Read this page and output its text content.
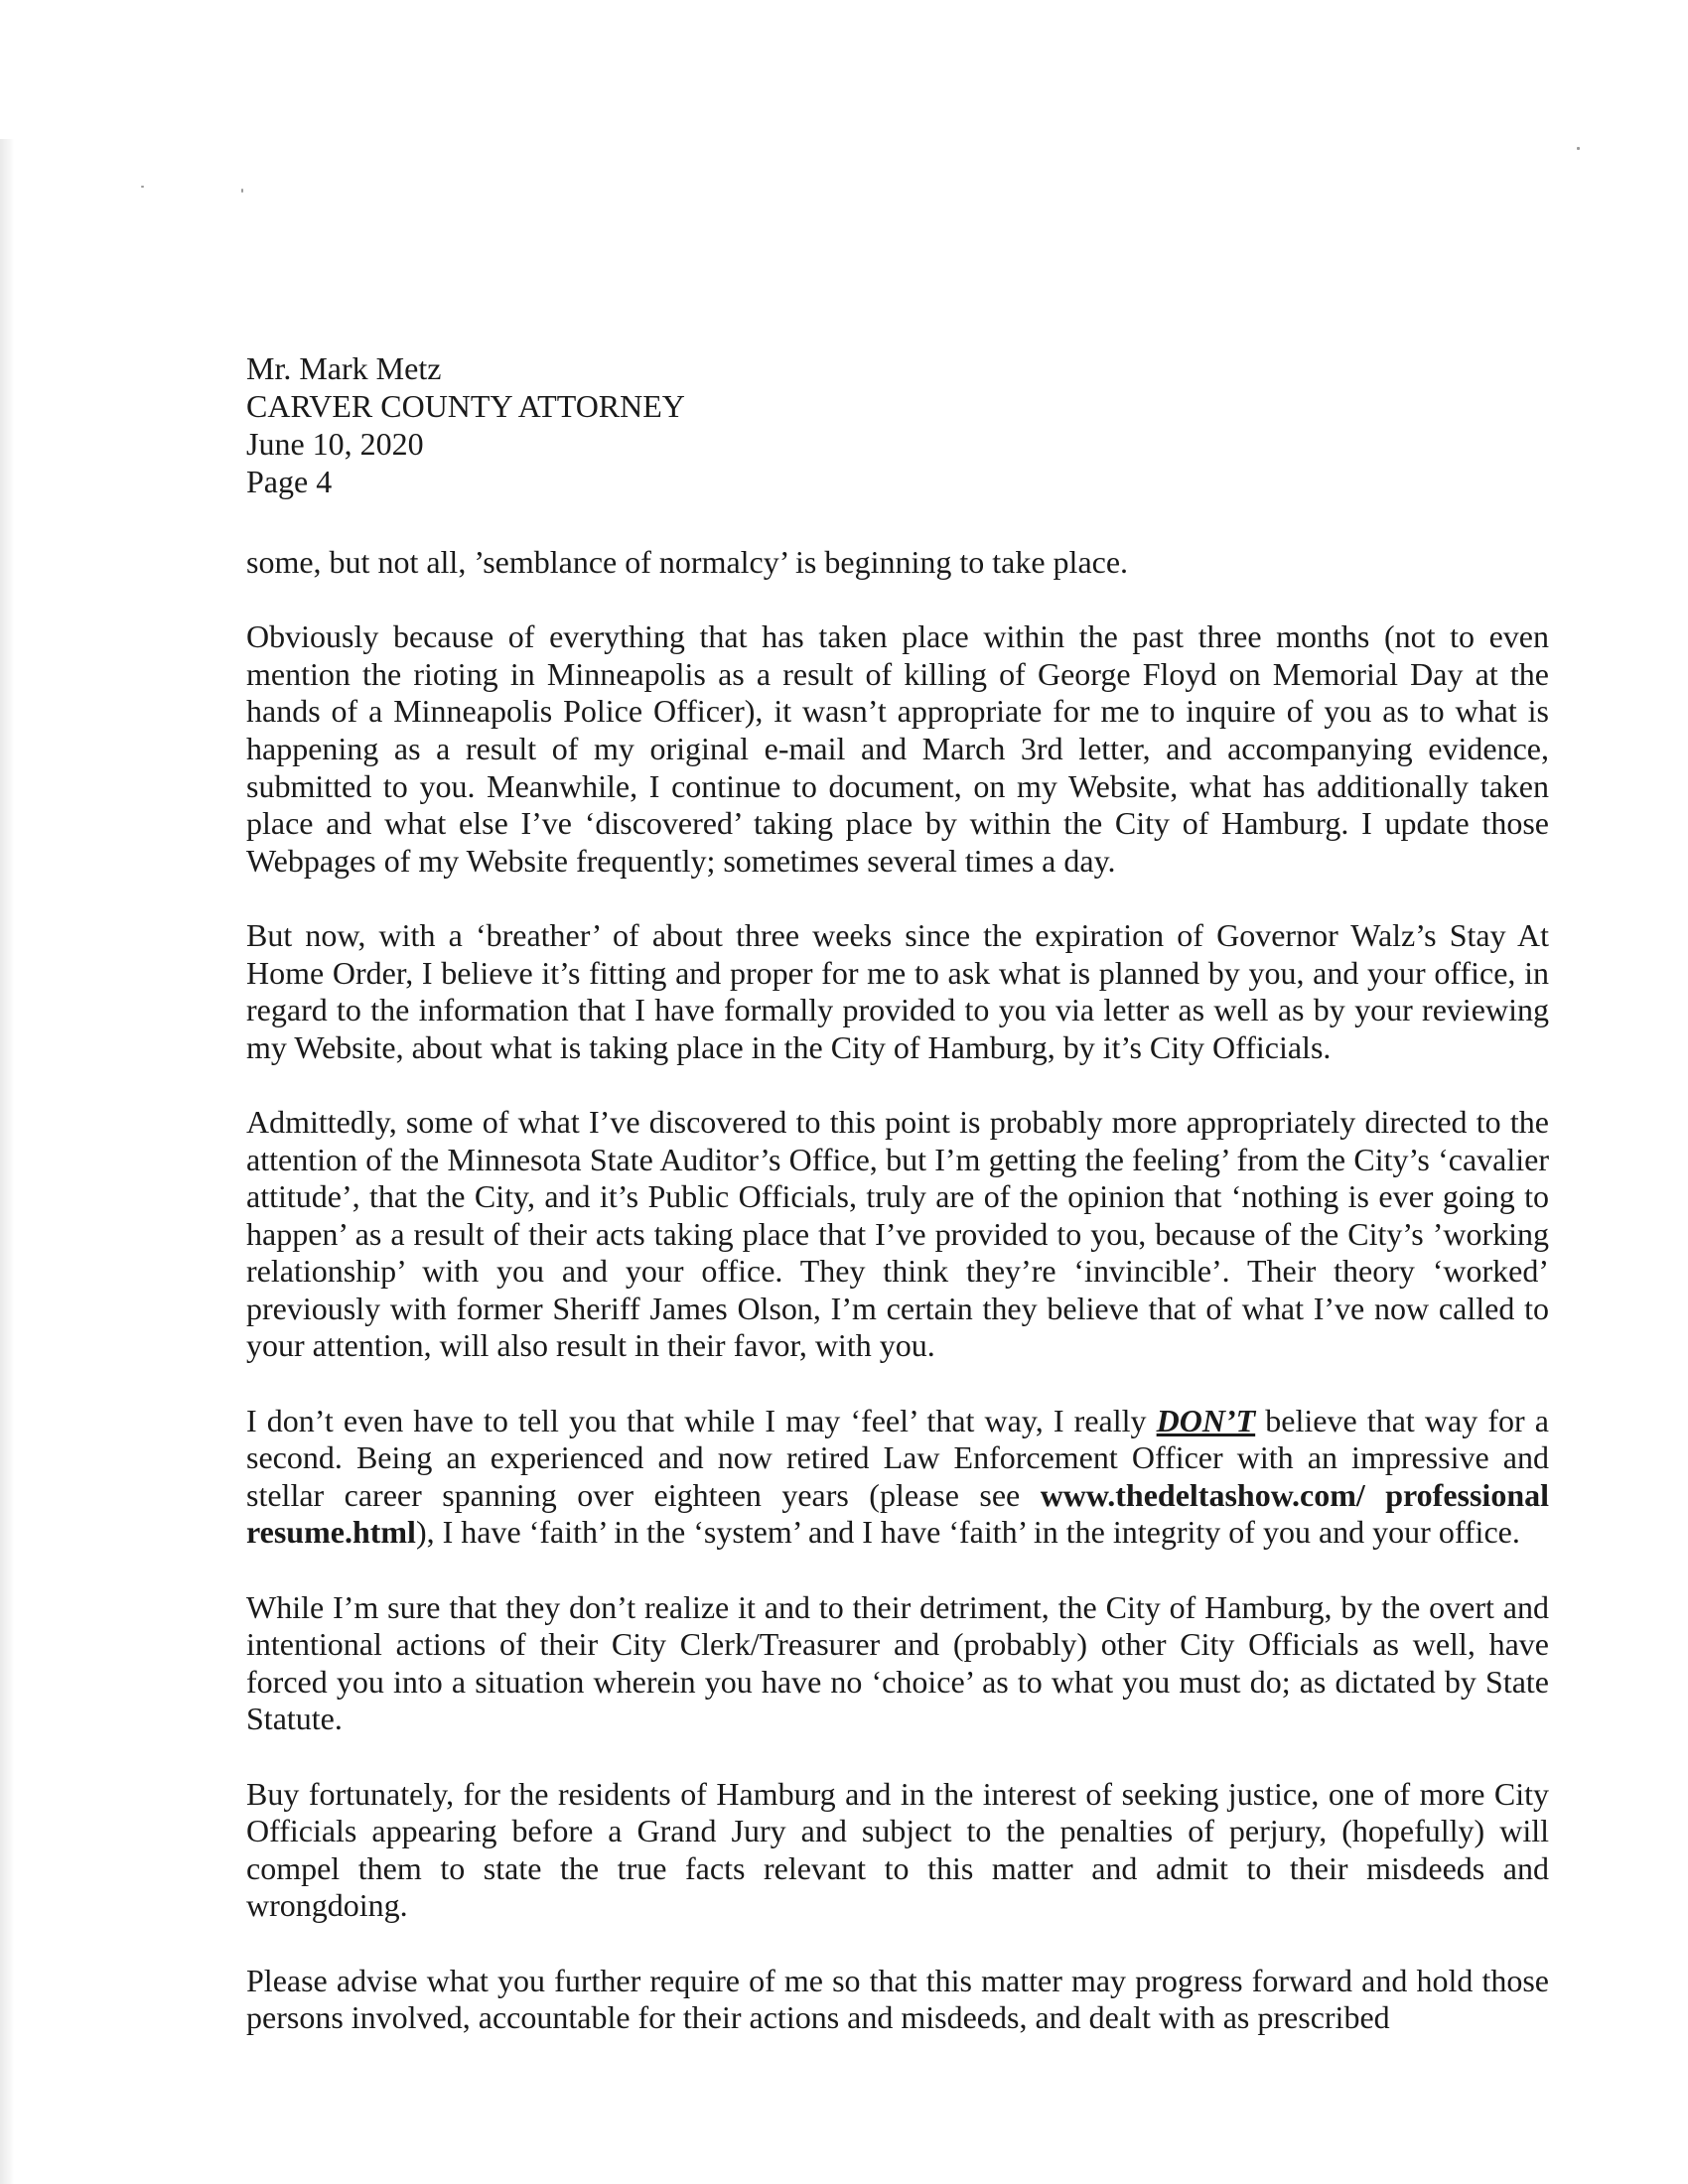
Mr. Mark Metz
CARVER COUNTY ATTORNEY
June 10, 2020
Page 4

some, but not all, ’semblance of normalcy’ is beginning to take place.

Obviously because of everything that has taken place within the past three months (not to even mention the rioting in Minneapolis as a result of killing of George Floyd on Memorial Day at the hands of a Minneapolis Police Officer), it wasn’t appropriate for me to inquire of you as to what is happening as a result of my original e-mail and March 3rd letter, and accompanying evidence, submitted to you. Meanwhile, I continue to document, on my Website, what has additionally taken place and what else I’ve ‘discovered’ taking place by within the City of Hamburg. I update those Webpages of my Website frequently; sometimes several times a day.

But now, with a ‘breather’ of about three weeks since the expiration of Governor Walz’s Stay At Home Order, I believe it’s fitting and proper for me to ask what is planned by you, and your office, in regard to the information that I have formally provided to you via letter as well as by your reviewing my Website, about what is taking place in the City of Hamburg, by it’s City Officials.

Admittedly, some of what I’ve discovered to this point is probably more appropriately directed to the attention of the Minnesota State Auditor’s Office, but I’m getting the feeling’ from the City’s ‘cavalier attitude’, that the City, and it’s Public Officials, truly are of the opinion that ‘nothing is ever going to happen’ as a result of their acts taking place that I’ve provided to you, because of the City’s ’working relationship’ with you and your office. They think they’re ‘invincible’. Their theory ‘worked’ previously with former Sheriff James Olson, I’m certain they believe that of what I’ve now called to your attention, will also result in their favor, with you.

I don’t even have to tell you that while I may ‘feel’ that way, I really DON’T believe that way for a second. Being an experienced and now retired Law Enforcement Officer with an impressive and stellar career spanning over eighteen years (please see www.thedeltashow.com/ professional resume.html), I have ‘faith’ in the ‘system’ and I have ‘faith’ in the integrity of you and your office.

While I’m sure that they don’t realize it and to their detriment, the City of Hamburg, by the overt and intentional actions of their City Clerk/Treasurer and (probably) other City Officials as well, have forced you into a situation wherein you have no ‘choice’ as to what you must do; as dictated by State Statute.

Buy fortunately, for the residents of Hamburg and in the interest of seeking justice, one of more City Officials appearing before a Grand Jury and subject to the penalties of perjury, (hopefully) will compel them to state the true facts relevant to this matter and admit to their misdeeds and wrongdoing.

Please advise what you further require of me so that this matter may progress forward and hold those persons involved, accountable for their actions and misdeeds, and dealt with as prescribed
